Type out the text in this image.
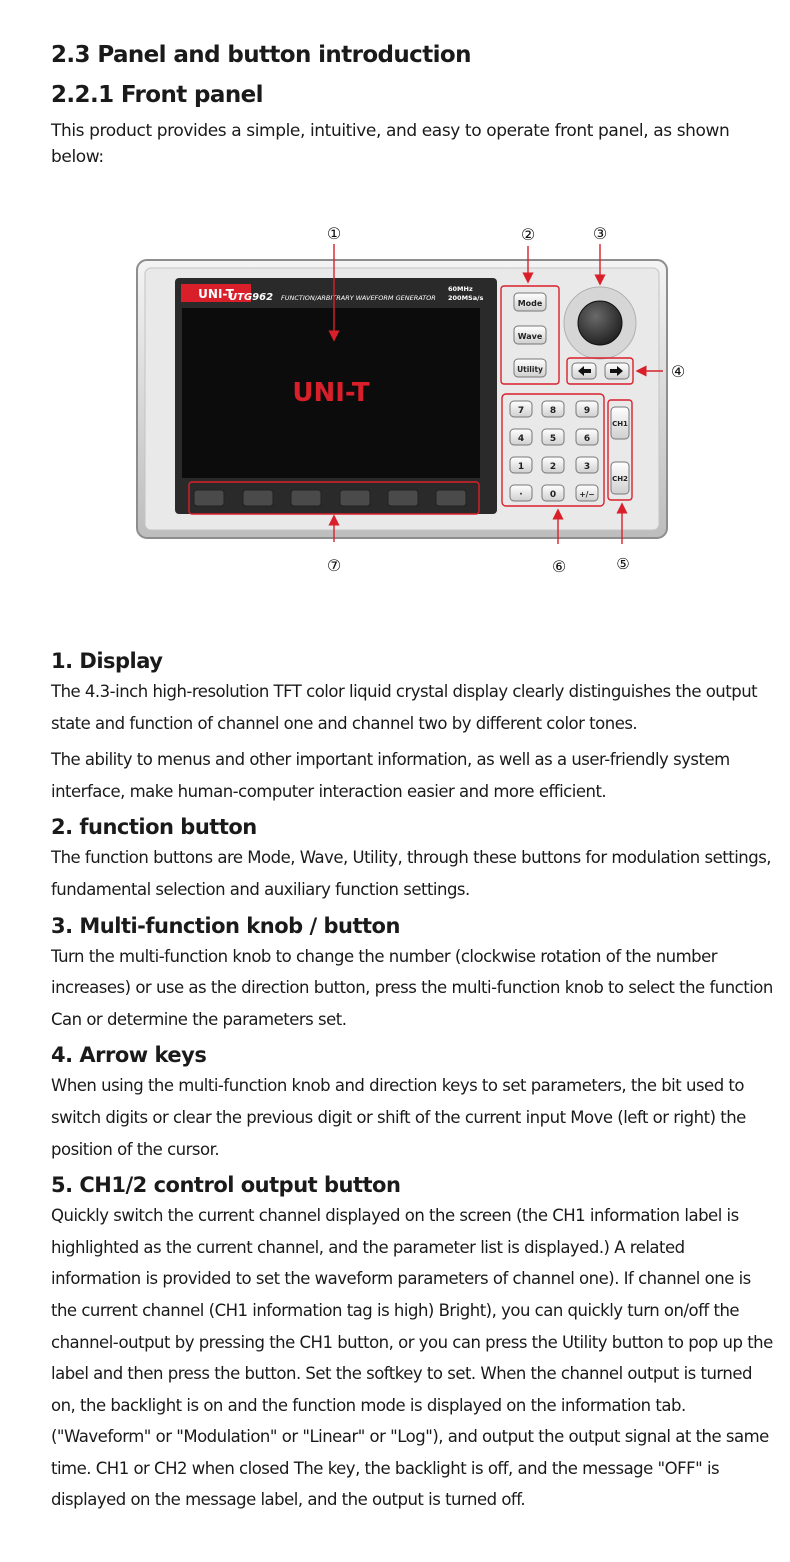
2.3 Panel and button introduction
2.2.1 Front panel

This product provides a simple, intuitive, and easy to operate front panel, as shown below:

UNI-T
UTG962 FUNCTION/ARBITRARY WAVEFORM GENERATOR
60MHz
200MSa/s
UNI-T
Mode
Wave
Utility
7	8	9
4	5	6
1	2	3
·	0	+/−
CH1
CH2
①	②	③
④
⑤
⑥
⑦
1. Display

The 4.3-inch high-resolution TFT color liquid crystal display clearly distinguishes the output state and function of channel one and channel two by different color tones.

The ability to menus and other important information, as well as a user-friendly system interface, make human-computer interaction easier and more efficient.

2. function button

The function buttons are Mode, Wave, Utility, through these buttons for modulation settings, fundamental selection and auxiliary function settings.

3. Multi-function knob / button

Turn the multi-function knob to change the number (clockwise rotation of the number increases) or use as the direction button, press the multi-function knob to select the function Can or determine the parameters set.

4. Arrow keys

When using the multi-function knob and direction keys to set parameters, the bit used to switch digits or clear the previous digit or shift of the current input Move (left or right) the position of the cursor.

5. CH1/2 control output button

Quickly switch the current channel displayed on the screen (the CH1 information label is highlighted as the current channel, and the parameter list is displayed.) A related information is provided to set the waveform parameters of channel one). If channel one is the current channel (CH1 information tag is high) Bright), you can quickly turn on/off the channel-output by pressing the CH1 button, or you can press the Utility button to pop up the label and then press the button. Set the softkey to set. When the channel output is turned on, the backlight is on and the function mode is displayed on the information tab. ("Waveform" or "Modulation" or "Linear" or "Log"), and output the output signal at the same time. CH1 or CH2 when closed The key, the backlight is off, and the message "OFF" is displayed on the message label, and the output is turned off.
